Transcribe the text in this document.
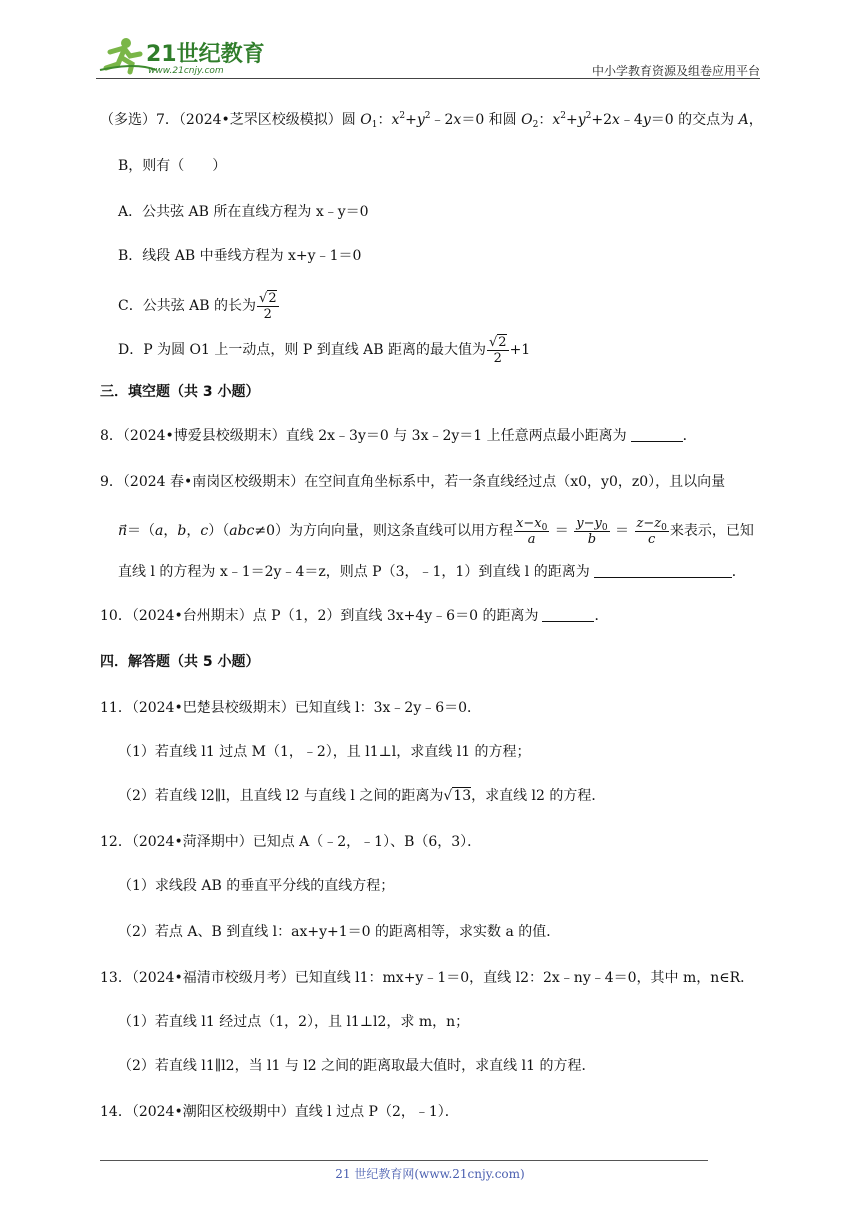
21世纪教育
www.21cnjy.com	中小学教育资源及组卷应用平台
（多选）7．（2024•芝罘区校级模拟）圆 $O_1$：$x^2+y^2﹣2x=0$ 和圆 $O_2$：$x^2+y^2+2x﹣4y=0$ 的交点为 A，
B，则有（　　）
A．公共弦 AB 所在直线方程为 x﹣y＝0
B．线段 AB 中垂线方程为 x+y﹣1＝0
C．公共弦 AB 的长为 $\frac{√2}{2}$
D．P 为圆 O1 上一动点，则 P 到直线 AB 距离的最大值为 $\frac{√2}{2} +1$
三．填空题（共 3 小题）
8．（2024•博爱县校级期末）直线 2x﹣3y＝0 与 3x﹣2y＝1 上任意两点最小距离为	．
9．（2024 春•南岗区校级期末）在空间直角坐标系中，若一条直线经过点（x0，y0，z0），且以向量
n⃗＝（a，b，c）（abc≠0）为方向向量，则这条直线可以用方程 $\frac{x-x_0}{a} = \frac{y-y_0}{b} = \frac{z-z_0}{c}$ 来表示，已知
直线 l 的方程为 x﹣1＝2y﹣4＝z，则点 P（3，﹣1，1）到直线 l 的距离为	．
10．（2024•台州期末）点 P（1，2）到直线 3x+4y﹣6＝0 的距离为	．
四．解答题（共 5 小题）
11．（2024•巴楚县校级期末）已知直线 l：3x﹣2y﹣6＝0．
（1）若直线 l1 过点 M（1，﹣2），且 l1⊥l，求直线 l1 的方程；
（2）若直线 l2∥l，且直线 l2 与直线 l 之间的距离为√13，求直线 l2 的方程．
12．（2024•菏泽期中）已知点 A（﹣2，﹣1）、B（6，3）．
（1）求线段 AB 的垂直平分线的直线方程；
（2）若点 A、B 到直线 l：ax+y+1＝0 的距离相等，求实数 a 的值．
13．（2024•福清市校级月考）已知直线 l1：mx+y﹣1＝0，直线 l2：2x﹣ny﹣4＝0，其中 m，n∈R．
（1）若直线 l1 经过点（1，2），且 l1⊥l2，求 m，n；
（2）若直线 l1∥l2，当 l1 与 l2 之间的距离取最大值时，求直线 l1 的方程．
14．（2024•潮阳区校级期中）直线 l 过点 P（2，﹣1）．
21 世纪教育网(www.21cnjy.com)
